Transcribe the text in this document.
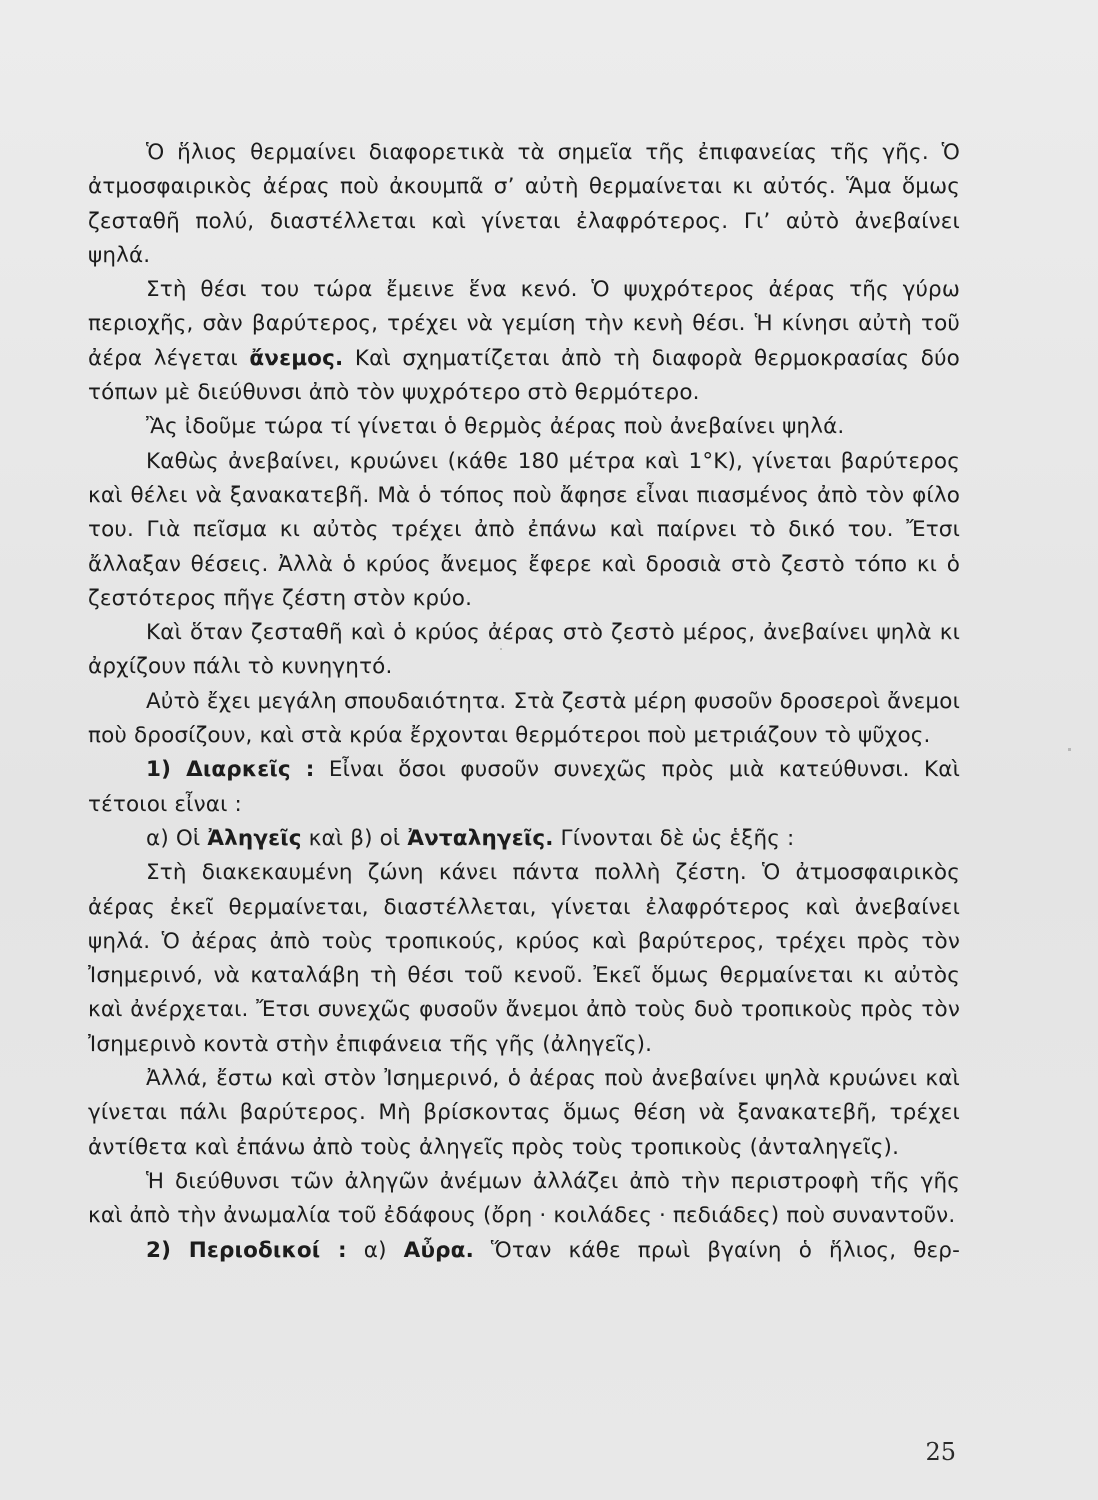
Ὁ ἥλιος θερμαίνει διαφορετικὰ τὰ σημεῖα τῆς ἐπιφανείας τῆς γῆς. Ὁ ἀτμοσφαιρικὸς ἀέρας ποὺ ἀκουμπᾶ σ’ αὐτὴ θερμαίνεται κι αὐτός. Ἅμα ὅμως ζεσταθῆ πολύ, διαστέλλεται καὶ γίνεται ἐλαφρότερος. Γι’ αὐτὸ ἀνεβαίνει ψηλά.

Στὴ θέσι του τώρα ἔμεινε ἕνα κενό. Ὁ ψυχρότερος ἀέρας τῆς γύρω περιοχῆς, σὰν βαρύτερος, τρέχει νὰ γεμίση τὴν κενὴ θέσι. Ἡ κίνησι αὐτὴ τοῦ ἀέρα λέγεται ἄνεμος. Καὶ σχηματίζεται ἀπὸ τὴ διαφορὰ θερμοκρασίας δύο τόπων μὲ διεύθυνσι ἀπὸ τὸν ψυχρότερο στὸ θερμότερο.

Ἂς ἰδοῦμε τώρα τί γίνεται ὁ θερμὸς ἀέρας ποὺ ἀνεβαίνει ψηλά.

Καθὼς ἀνεβαίνει, κρυώνει (κάθε 180 μέτρα καὶ 1°Κ), γίνεται βαρύτερος καὶ θέλει νὰ ξανακατεβῆ. Μὰ ὁ τόπος ποὺ ἄφησε εἶναι πιασμένος ἀπὸ τὸν φίλο του. Γιὰ πεῖσμα κι αὐτὸς τρέχει ἀπὸ ἐπάνω καὶ παίρνει τὸ δικό του. Ἔτσι ἄλλαξαν θέσεις. Ἀλλὰ ὁ κρύος ἄνεμος ἔφερε καὶ δροσιὰ στὸ ζεστὸ τόπο κι ὁ ζεστότερος πῆγε ζέστη στὸν κρύο.

Καὶ ὅταν ζεσταθῆ καὶ ὁ κρύος ἀέρας στὸ ζεστὸ μέρος, ἀνεβαίνει ψηλὰ κι ἀρχίζουν πάλι τὸ κυνηγητό.

Αὐτὸ ἔχει μεγάλη σπουδαιότητα. Στὰ ζεστὰ μέρη φυσοῦν δροσεροὶ ἄνεμοι ποὺ δροσίζουν, καὶ στὰ κρύα ἔρχονται θερμότεροι ποὺ μετριάζουν τὸ ψῦχος.

1) Διαρκεῖς : Εἶναι ὅσοι φυσοῦν συνεχῶς πρὸς μιὰ κατεύθυνσι. Καὶ τέτοιοι εἶναι :

α) Οἱ Ἀληγεῖς καὶ β) οἱ Ἀνταληγεῖς. Γίνονται δὲ ὡς ἑξῆς :

Στὴ διακεκαυμένη ζώνη κάνει πάντα πολλὴ ζέστη. Ὁ ἀτμοσφαιρικὸς ἀέρας ἐκεῖ θερμαίνεται, διαστέλλεται, γίνεται ἐλαφρότερος καὶ ἀνεβαίνει ψηλά. Ὁ ἀέρας ἀπὸ τοὺς τροπικούς, κρύος καὶ βαρύτερος, τρέχει πρὸς τὸν Ἰσημερινό, νὰ καταλάβη τὴ θέσι τοῦ κενοῦ. Ἐκεῖ ὅμως θερμαίνεται κι αὐτὸς καὶ ἀνέρχεται. Ἔτσι συνεχῶς φυσοῦν ἄνεμοι ἀπὸ τοὺς δυὸ τροπικοὺς πρὸς τὸν Ἰσημερινὸ κοντὰ στὴν ἐπιφάνεια τῆς γῆς (ἀληγεῖς).

Ἀλλά, ἔστω καὶ στὸν Ἰσημερινό, ὁ ἀέρας ποὺ ἀνεβαίνει ψηλὰ κρυώνει καὶ γίνεται πάλι βαρύτερος. Μὴ βρίσκοντας ὅμως θέση νὰ ξανακατεβῆ, τρέχει ἀντίθετα καὶ ἐπάνω ἀπὸ τοὺς ἀληγεῖς πρὸς τοὺς τροπικοὺς (ἀνταληγεῖς).

Ἡ διεύθυνσι τῶν ἀληγῶν ἀνέμων ἀλλάζει ἀπὸ τὴν περιστροφὴ τῆς γῆς καὶ ἀπὸ τὴν ἀνωμαλία τοῦ ἐδάφους (ὄρη · κοιλάδες · πεδιάδες) ποὺ συναντοῦν.

2) Περιοδικοί : α) Αὖρα. Ὅταν κάθε πρωὶ βγαίνη ὁ ἥλιος, θερ-

25
